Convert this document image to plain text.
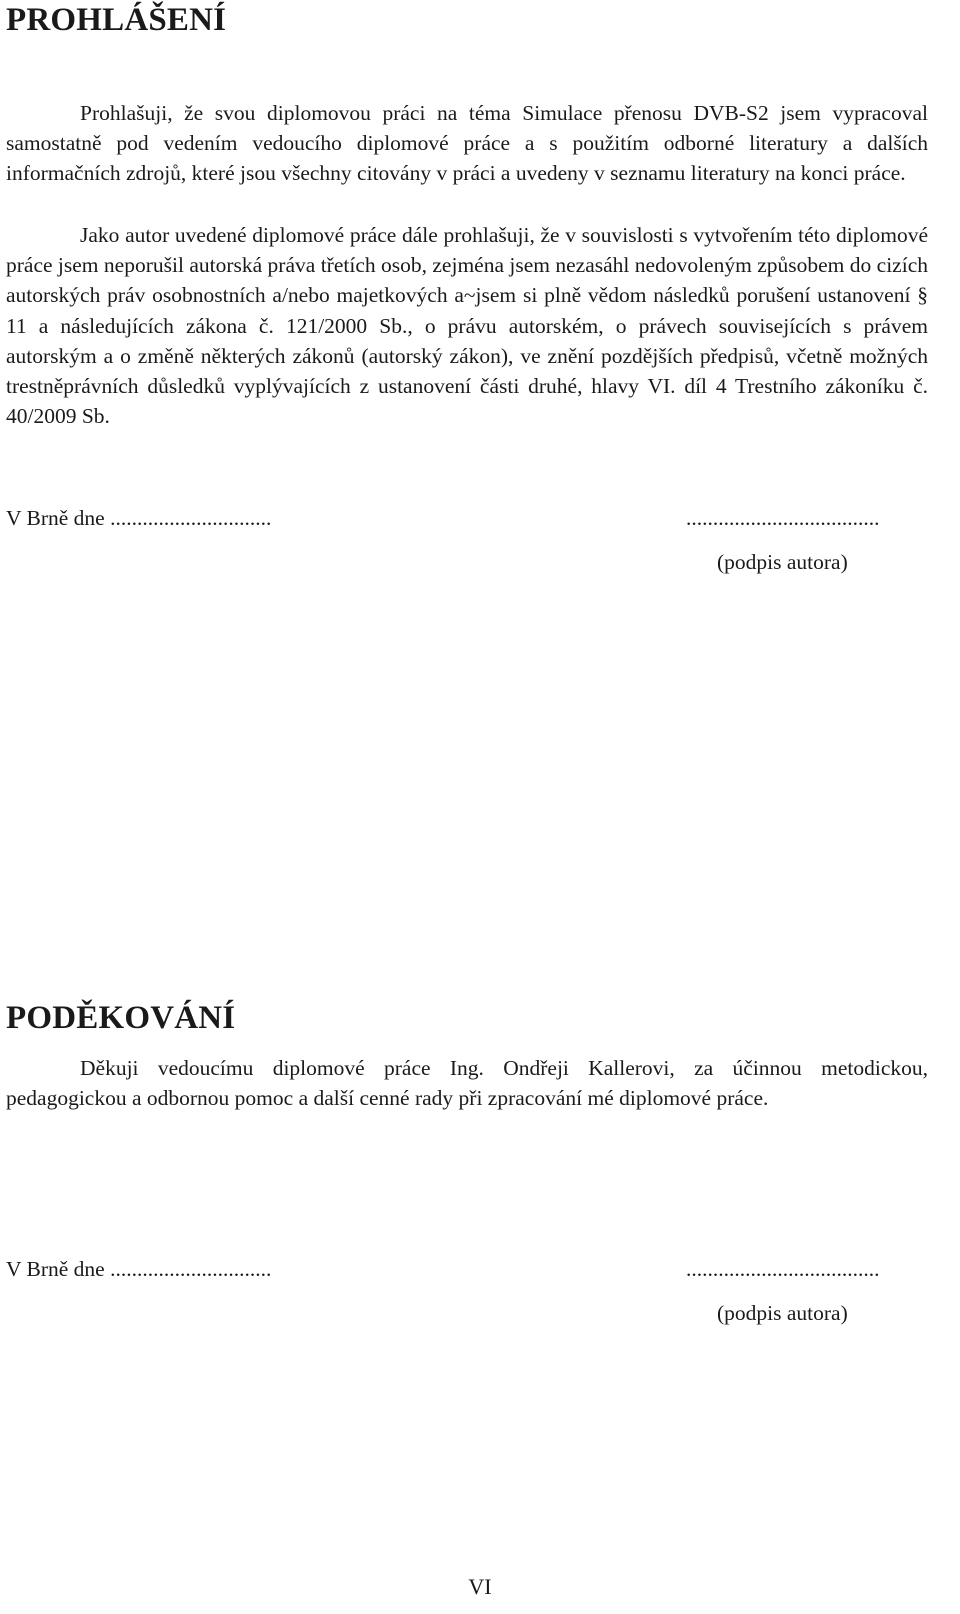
PROHLÁŠENÍ

Prohlašuji, že svou diplomovou práci na téma Simulace přenosu DVB-S2 jsem vypracoval samostatně pod vedením vedoucího diplomové práce a s použitím odborné literatury a dalších informačních zdrojů, které jsou všechny citovány v práci a uvedeny v seznamu literatury na konci práce.

Jako autor uvedené diplomové práce dále prohlašuji, že v souvislosti s vytvořením této diplomové práce jsem neporušil autorská práva třetích osob, zejména jsem nezasáhl nedovoleným způsobem do cizích autorských práv osobnostních a/nebo majetkových a~jsem si plně vědom následků porušení ustanovení § 11 a následujících zákona č. 121/2000 Sb., o právu autorském, o právech souvisejících s právem autorským a o změně některých zákonů (autorský zákon), ve znění pozdějších předpisů, včetně možných trestněprávních důsledků vyplývajících z ustanovení části druhé, hlavy VI. díl 4 Trestního zákoníku č. 40/2009 Sb.

V Brně dne ..............................	....................................
(podpis autora)
PODĚKOVÁNÍ

Děkuji vedoucímu diplomové práce Ing. Ondřeji Kallerovi, za účinnou metodickou, pedagogickou a odbornou pomoc a další cenné rady při zpracování mé diplomové práce.

V Brně dne ..............................	....................................
(podpis autora)
VI
